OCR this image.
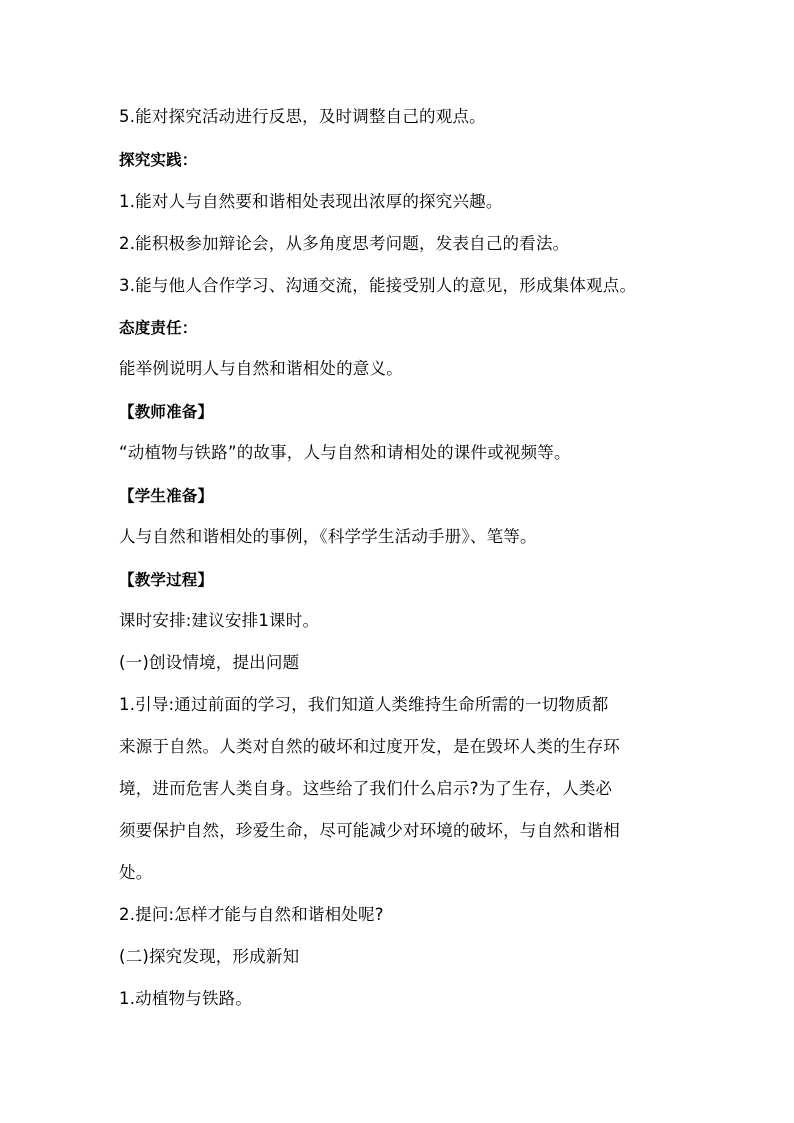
5.能对探究活动进行反思，及时调整自己的观点。
探究实践：
1.能对人与自然要和谐相处表现出浓厚的探究兴趣。
2.能积极参加辩论会，从多角度思考问题，发表自己的看法。
3.能与他人合作学习、沟通交流，能接受别人的意见，形成集体观点。
态度责任：
能举例说明人与自然和谐相处的意义。
【教师准备】
“动植物与铁路”的故事，人与自然和请相处的课件或视频等。
【学生准备】
人与自然和谐相处的事例，《科学学生活动手册》、笔等。
【教学过程】
课时安排:建议安排1课时。
(一)创设情境，提出问题
1.引导:通过前面的学习，我们知道人类维持生命所需的一切物质都
来源于自然。人类对自然的破坏和过度开发，是在毁坏人类的生存环
境，进而危害人类自身。这些给了我们什么启示?为了生存，人类必
须要保护自然，珍爱生命，尽可能减少对环境的破坏，与自然和谐相
处。
2.提问:怎样才能与自然和谐相处呢?
(二)探究发现，形成新知
1.动植物与铁路。
